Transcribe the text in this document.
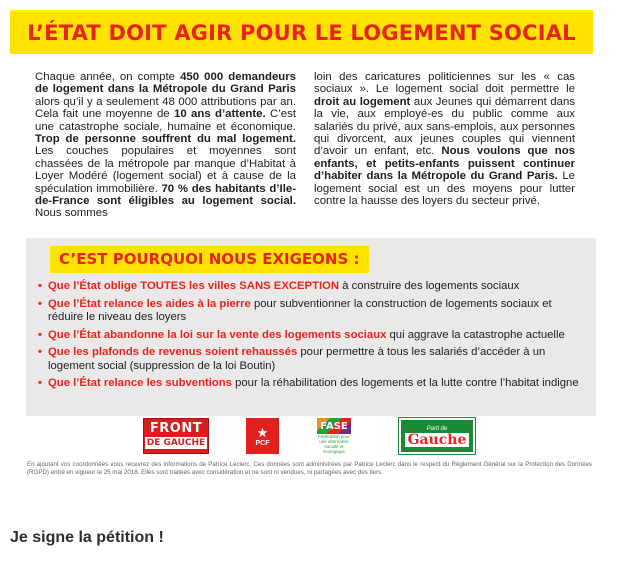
L’ÉTAT DOIT AGIR POUR LE LOGEMENT SOCIAL

Chaque année, on compte 450 000 demandeurs de logement dans la Métropole du Grand Paris alors qu’il y a seulement 48 000 attributions par an. Cela fait une moyenne de 10 ans d’attente. C’est une catastrophe sociale, humaine et économique. Trop de personne souffrent du mal logement. Les couches populaires et moyennes sont chassées de la métropole par manque d’Habitat à Loyer Modéré (logement social) et à cause de la spéculation immobilière. 70 % des habitants d’Ile-de-France sont éligibles au logement social. Nous sommes

loin des caricatures politiciennes sur les « cas sociaux ». Le logement social doit permettre le droit au logement aux Jeunes qui démarrent dans la vie, aux employé-es du public comme aux salariés du privé, aux sans-emplois, aux personnes qui divorcent, aux jeunes couples qui viennent d’avoir un enfant, etc. Nous voulons que nos enfants, et petits-enfants puissent continuer d’habiter dans la Métropole du Grand Paris. Le logement social est un des moyens pour lutter contre la hausse des loyers du secteur privé.

C’EST POURQUOI NOUS EXIGEONS :
• Que l’État oblige TOUTES les villes SANS EXCEPTION à construire des logements sociaux
• Que l’État relance les aides à la pierre pour subventionner la construction de logements sociaux et réduire le niveau des loyers
• Que l’État abandonne la loi sur la vente des logements sociaux qui aggrave la catastrophe actuelle
• Que les plafonds de revenus soient rehaussés pour permettre à tous les salariés d’accéder à un logement social (suppression de la loi Boutin)
• Que l’État relance les subventions pour la réhabilitation des logements et la lutte contre l’habitat indigne
FRONT
DE GAUCHE
★
PCF
FASE
Fédération pour une alternative sociale et écologique
Parti de
Gauche
En ajoutant vos coordonnées vous recevrez des informations de Patrice Leclerc. Ces données sont administrées par Patrice Leclerc dans le respect du Règlement Général sur la Protection des Données (RGPD) entré en vigueur le 25 mai 2018. Elles sont traitées avec considération et ne sont ni vendues, ni partagées avec des tiers.
Je signe la pétition !
